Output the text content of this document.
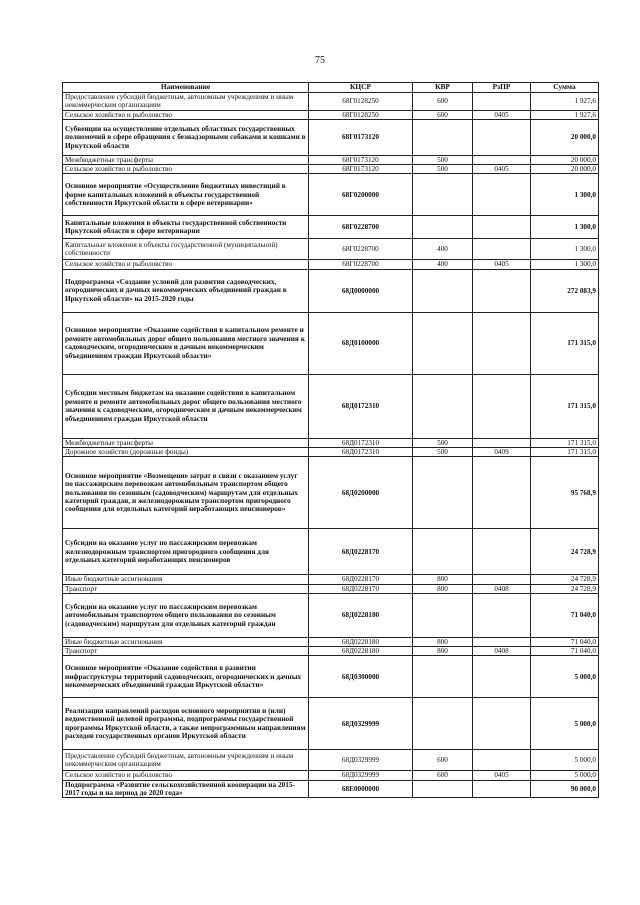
75
Наименование	КЦСР	КВР	РзПР	Сумма
Предоставление субсидий бюджетным, автономным учреждениям и иным некоммерческим организациям	68Г0128250	600		1 927,6
Сельское хозяйство и рыболовство	68Г0128250	600	0405	1 927,6
Субвенции на осуществление отдельных областных государственных полномочий в сфере обращения с безнадзорными собаками и кошками в Иркутской области	68Г0173120			20 000,0
Межбюджетные трансферты	68Г0173120	500		20 000,0
Сельское хозяйство и рыболовство	68Г0173120	500	0405	20 000,0
Основное мероприятие «Осуществление бюджетных инвестиций в форме капитальных вложений в объекты государственной собственности Иркутской области в сфере ветеринарии»	68Г0200000			1 300,0
Капитальные вложения в объекты государственной собственности Иркутской области в сфере ветеринарии	68Г0228700			1 300,0
Капитальные вложения в объекты государственной (муниципальной) собственности	68Г0228700	400		1 300,0
Сельское хозяйство и рыболовство	68Г0228700	400	0405	1 300,0
Подпрограмма «Создание условий для развития садоводческих, огороднических и дачных некоммерческих объединений граждан в Иркутской области» на 2015-2020 годы	68Д0000000			272 083,9
Основное мероприятие «Оказание содействия в капитальном ремонте и ремонте автомобильных дорог общего пользования местного значения к садоводческим, огородническим и дачным некоммерческим объединениям граждан Иркутской области»	68Д0100000			171 315,0
Субсидии местным бюджетам на оказание содействия в капитальном ремонте и ремонте автомобильных дорог общего пользования местного значения к садоводческим, огородническим и дачным некоммерческим объединениям граждан Иркутской области	68Д0172310			171 315,0
Межбюджетные трансферты	68Д0172310	500		171 315,0
Дорожное хозяйство (дорожные фонды)	68Д0172310	500	0409	171 315,0
Основное мероприятие «Возмещение затрат в связи с оказанием услуг по пассажирским перевозкам автомобильным транспортом общего пользования по сезонным (садоводческим) маршрутам для отдельных категорий граждан, и железнодорожным транспортом пригородного сообщения для отдельных категорий неработающих пенсионеров»	68Д0200000			95 768,9
Субсидии на оказание услуг по пассажирским перевозкам железнодорожным транспортом пригородного сообщения для отдельных категорий неработающих пенсионеров	68Д0228170			24 728,9
Иные бюджетные ассигнования	68Д0228170	800		24 728,9
Транспорт	68Д0228170	800	0408	24 728,9
Субсидии на оказание услуг по пассажирским перевозкам автомобильным транспортом общего пользования по сезонным (садоводческим) маршрутам для отдельных категорий граждан	68Д0228180			71 040,0
Иные бюджетные ассигнования	68Д0228180	800		71 040,0
Транспорт	68Д0228180	800	0408	71 040,0
Основное мероприятие «Оказание содействия в развитии инфраструктуры территорий садоводческих, огороднических и дачных некоммерческих объединений граждан Иркутской области»	68Д0300000			5 000,0
Реализация направлений расходов основного мероприятия и (или) ведомственной целевой программы, подпрограммы государственной программы Иркутской области, а также непрограммным направлениям расходов государственных органов Иркутской области	68Д0329999			5 000,0
Предоставление субсидий бюджетным, автономным учреждениям и иным некоммерческим организациям	68Д0329999	600		5 000,0
Сельское хозяйство и рыболовство	68Д0329999	600	0405	5 000,0
Подпрограмма «Развитие сельскохозяйственной кооперации на 2015-2017 годы и на период до 2020 года»	68Е0000000			90 000,0
